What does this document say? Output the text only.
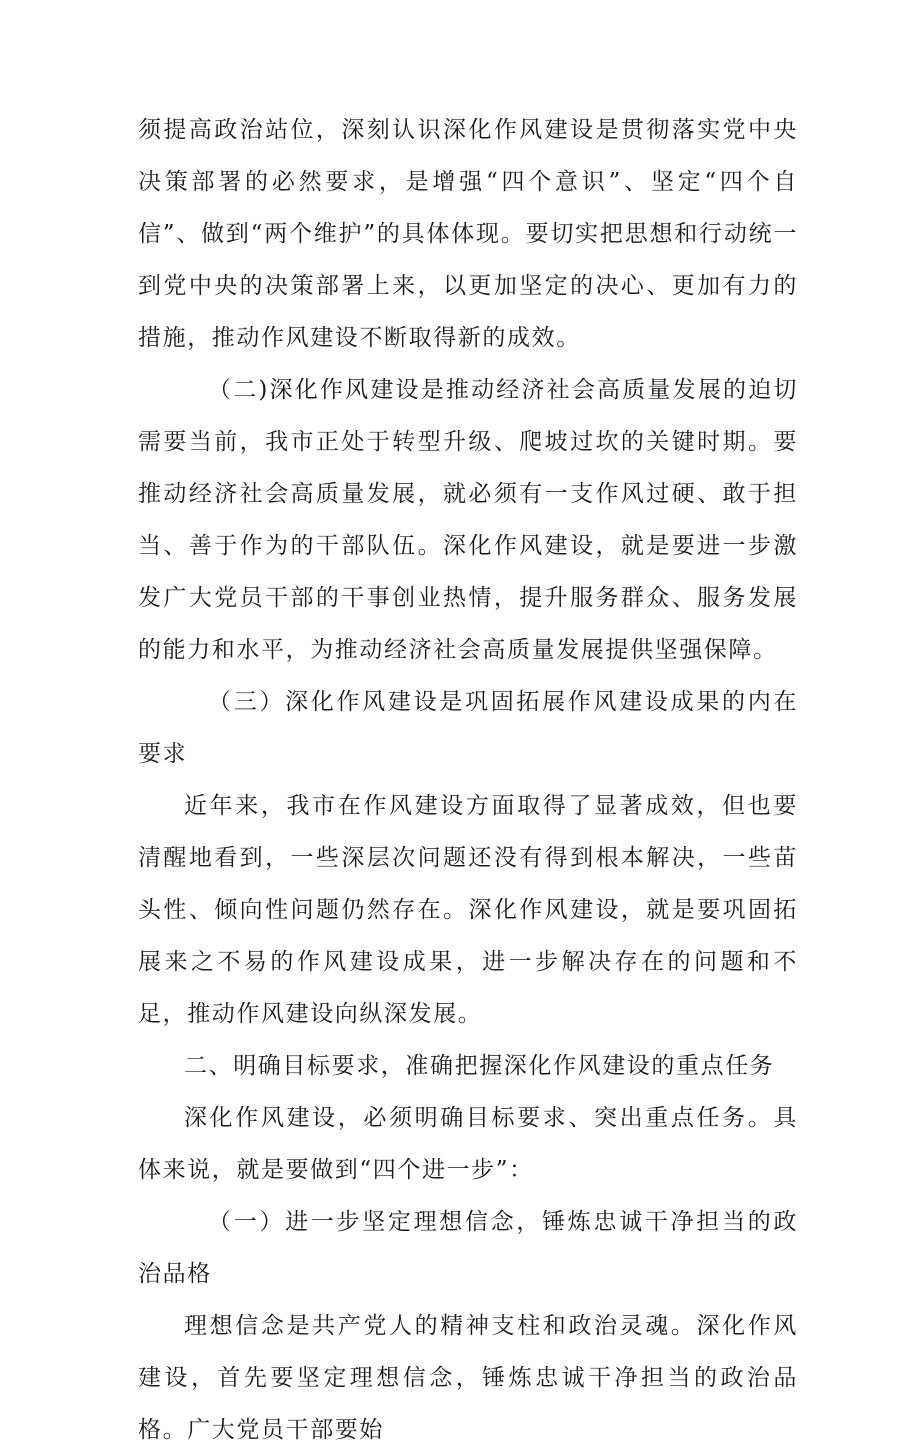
须提高政治站位，深刻认识深化作风建设是贯彻落实党中央决策部署的必然要求，是增强“四个意识”、坚定“四个自信”、做到“两个维护”的具体体现。要切实把思想和行动统一到党中央的决策部署上来，以更加坚定的决心、更加有力的措施，推动作风建设不断取得新的成效。

（二)深化作风建设是推动经济社会高质量发展的迫切需要当前，我市正处于转型升级、爬坡过坎的关键时期。要推动经济社会高质量发展，就必须有一支作风过硬、敢于担当、善于作为的干部队伍。深化作风建设，就是要进一步激发广大党员干部的干事创业热情，提升服务群众、服务发展的能力和水平，为推动经济社会高质量发展提供坚强保障。

（三）深化作风建设是巩固拓展作风建设成果的内在要求

近年来，我市在作风建设方面取得了显著成效，但也要清醒地看到，一些深层次问题还没有得到根本解决，一些苗头性、倾向性问题仍然存在。深化作风建设，就是要巩固拓展来之不易的作风建设成果，进一步解决存在的问题和不足，推动作风建设向纵深发展。

二、明确目标要求，准确把握深化作风建设的重点任务

深化作风建设，必须明确目标要求、突出重点任务。具体来说，就是要做到“四个进一步”：

（一）进一步坚定理想信念，锤炼忠诚干净担当的政治品格

理想信念是共产党人的精神支柱和政治灵魂。深化作风建设，首先要坚定理想信念，锤炼忠诚干净担当的政治品格。广大党员干部要始
